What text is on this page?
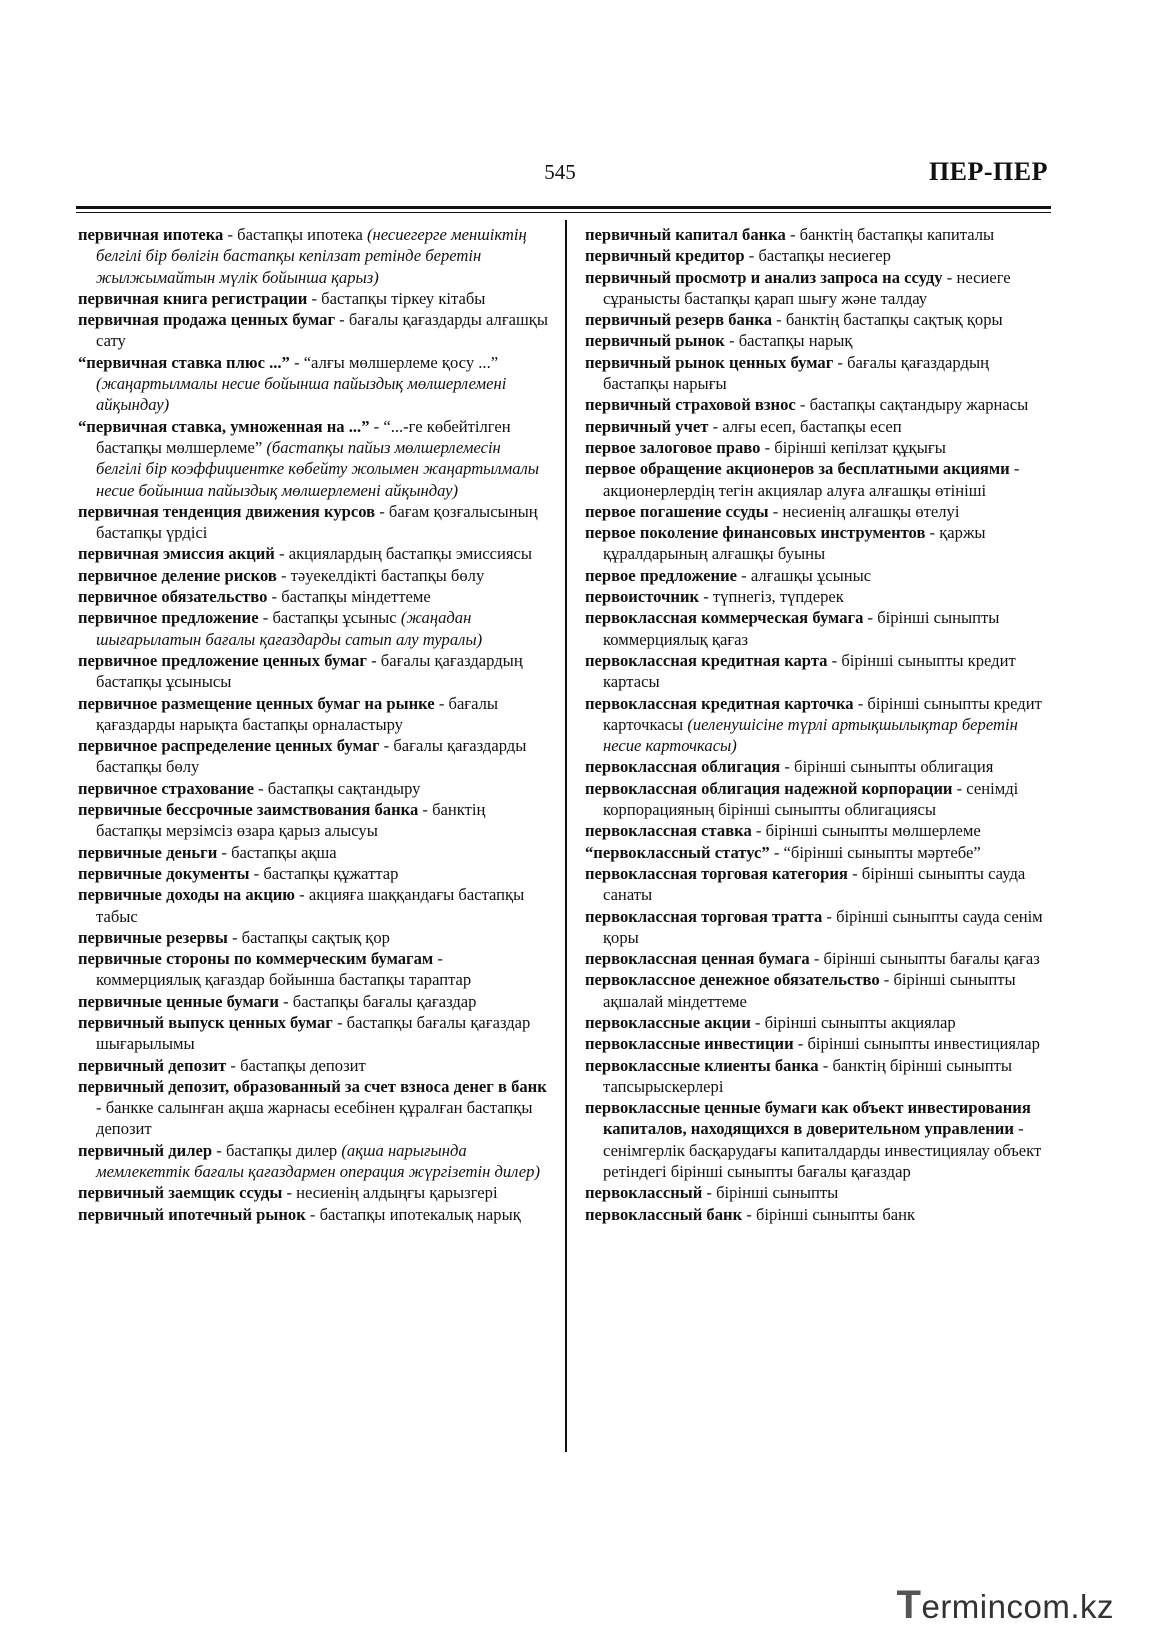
545	ПЕР-ПЕР

первичная ипотека - бастапқы ипотека (несиегерге меншіктің белгілі бір бөлігін бастапқы кепілзат ретінде беретін жылжымайтын мүлік бойынша қарыз)

первичная книга регистрации - бастапқы тіркеу кітабы

первичная продажа ценных бумаг - бағалы қағаздарды алғашқы сату

“первичная ставка плюс ...” - “алғы мөлшерлеме қосу ...” (жаңартылмалы несие бойынша пайыздық мөлшерлемені айқындау)

“первичная ставка, умноженная на ...” - “...-ге көбейтілген бастапқы мөлшерлеме” (бастапқы пайыз мөлшерлемесін белгілі бір коэффициентке көбейту жолымен жаңартылмалы несие бойынша пайыздық мөлшерлемені айқындау)

первичная тенденция движения курсов - бағам қозғалысының бастапқы үрдісі

первичная эмиссия акций - акциялардың бастапқы эмиссиясы

первичное деление рисков - тәуекелдікті бастапқы бөлу

первичное обязательство - бастапқы міндеттеме

первичное предложение - бастапқы ұсыныс (жаңадан шығарылатын бағалы қағаздарды сатып алу туралы)

первичное предложение ценных бумаг - бағалы қағаздардың бастапқы ұсынысы

первичное размещение ценных бумаг на рынке - бағалы қағаздарды нарықта бастапқы орналастыру

первичное распределение ценных бумаг - бағалы қағаздарды бастапқы бөлу

первичное страхование - бастапқы сақтандыру

первичные бессрочные заимствования банка - банктің бастапқы мерзімсіз өзара қарыз алысуы

первичные деньги - бастапқы ақша

первичные документы - бастапқы құжаттар

первичные доходы на акцию - акцияға шаққандағы бастапқы табыс

первичные резервы - бастапқы сақтық қор

первичные стороны по коммерческим бумагам - коммерциялық қағаздар бойынша бастапқы тараптар

первичные ценные бумаги - бастапқы бағалы қағаздар

первичный выпуск ценных бумаг - бастапқы бағалы қағаздар шығарылымы

первичный депозит - бастапқы депозит

первичный депозит, образованный за счет взноса денег в банк - банкке салынған ақша жарнасы есебінен құралған бастапқы депозит

первичный дилер - бастапқы дилер (ақша нарығында мемлекеттік бағалы қағаздармен операция жүргізетін дилер)

первичный заемщик ссуды - несиенің алдыңғы қарызгері

первичный ипотечный рынок - бастапқы ипотекалық нарық

первичный капитал банка - банктің бастапқы капиталы

первичный кредитор - бастапқы несиегер

первичный просмотр и анализ запроса на ссуду - несиеге сұранысты бастапқы қарап шығу және талдау

первичный резерв банка - банктің бастапқы сақтық қоры

первичный рынок - бастапқы нарық

первичный рынок ценных бумаг - бағалы қағаздардың бастапқы нарығы

первичный страховой взнос - бастапқы сақтандыру жарнасы

первичный учет - алғы есеп, бастапқы есеп

первое залоговое право - бірінші кепілзат құқығы

первое обращение акционеров за бесплатными акциями - акционерлердің тегін акциялар алуға алғашқы өтініші

первое погашение ссуды - несиенің алғашқы өтелуі

первое поколение финансовых инструментов - қаржы құралдарының алғашқы буыны

первое предложение - алғашқы ұсыныс

первоисточник - түпнегіз, түпдерек

первоклассная коммерческая бумага - бірінші сыныпты коммерциялық қағаз

первоклассная кредитная карта - бірінші сыныпты кредит картасы

первоклассная кредитная карточка - бірінші сыныпты кредит карточкасы (иеленушісіне түрлі артықшылықтар беретін несие карточкасы)

первоклассная облигация - бірінші сыныпты облигация

первоклассная облигация надежной корпорации - сенімді корпорацияның бірінші сыныпты облигациясы

первоклассная ставка - бірінші сыныпты мөлшерлеме

“первоклассный статус” - “бірінші сыныпты мәртебе”

первоклассная торговая категория - бірінші сыныпты сауда санаты

первоклассная торговая тратта - бірінші сыныпты сауда сенім қоры

первоклассная ценная бумага - бірінші сыныпты бағалы қағаз

первоклассное денежное обязательство - бірінші сыныпты ақшалай міндеттеме

первоклассные акции - бірінші сыныпты акциялар

первоклассные инвестиции - бірінші сыныпты инвестициялар

первоклассные клиенты банка - банктің бірінші сыныпты тапсырыскерлері

первоклассные ценные бумаги как объект инвестирования капиталов, находящихся в доверительном управлении - сенімгерлік басқарудағы капиталдарды инвестициялау объект ретіндегі бірінші сыныпты бағалы қағаздар

первоклассный - бірінші сыныпты

первоклассный банк - бірінші сыныпты банк

Termincom.kz
